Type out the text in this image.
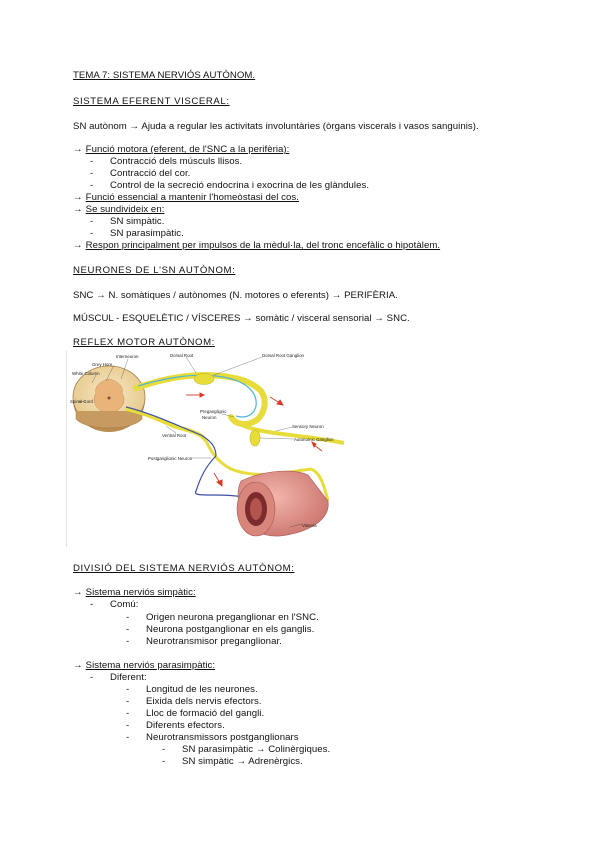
TEMA 7: SISTEMA NERVIÓS AUTÒNOM.
SISTEMA EFERENT VISCERAL:
SN autònom → Ajuda a regular les activitats involuntàries (òrgans viscerals i vasos sanguinis).
→ Funció motora (eferent, de l'SNC a la perifèria):
- Contracció dels músculs llisos.
- Contracció del cor.
- Control de la secreció endocrina i exocrina de les glàndules.
→ Funció essencial a mantenir l'homeòstasi del cos.
→ Se sundivideix en:
- SN simpàtic.
- SN parasimpàtic.
→ Respon principalment per impulsos de la mèdul·la, del tronc encefàlic o hipotàlem.
NEURONES DE L'SN AUTÒNOM:
SNC → N. somàtiques / autònomes (N. motores o eferents) → PERIFÈRIA.
MÚSCUL - ESQUELÈTIC / VÍSCERES → somàtic / visceral sensorial → SNC.
REFLEX MOTOR AUTÒNOM:
DIVISIÓ DEL SISTEMA NERVIÓS AUTÒNOM:
→ Sistema nerviós simpàtic:
- Comú:
- Origen neurona preganglionar en l'SNC.
- Neurona postganglionar en els ganglis.
- Neurotransmisor preganglionar.
→ Sistema nerviós parasimpàtic:
- Diferent:
- Longitud de les neurones.
- Eixida dels nervis efectors.
- Lloc de formació del gangli.
- Diferents efectors.
- Neurotransmissors postganglionars
- SN parasimpàtic → Colinèrgiques.
- SN simpàtic → Adrenèrgics.
Interneuron	Dorsal Root	Dorsal Root Ganglion
Grey Horn
White Column
Spinal Cord
Preganglionic
Neuron
Sensory Neuron
Ventral Root
Autonomic Ganglion
Postganglionic Neuron
Viscera
